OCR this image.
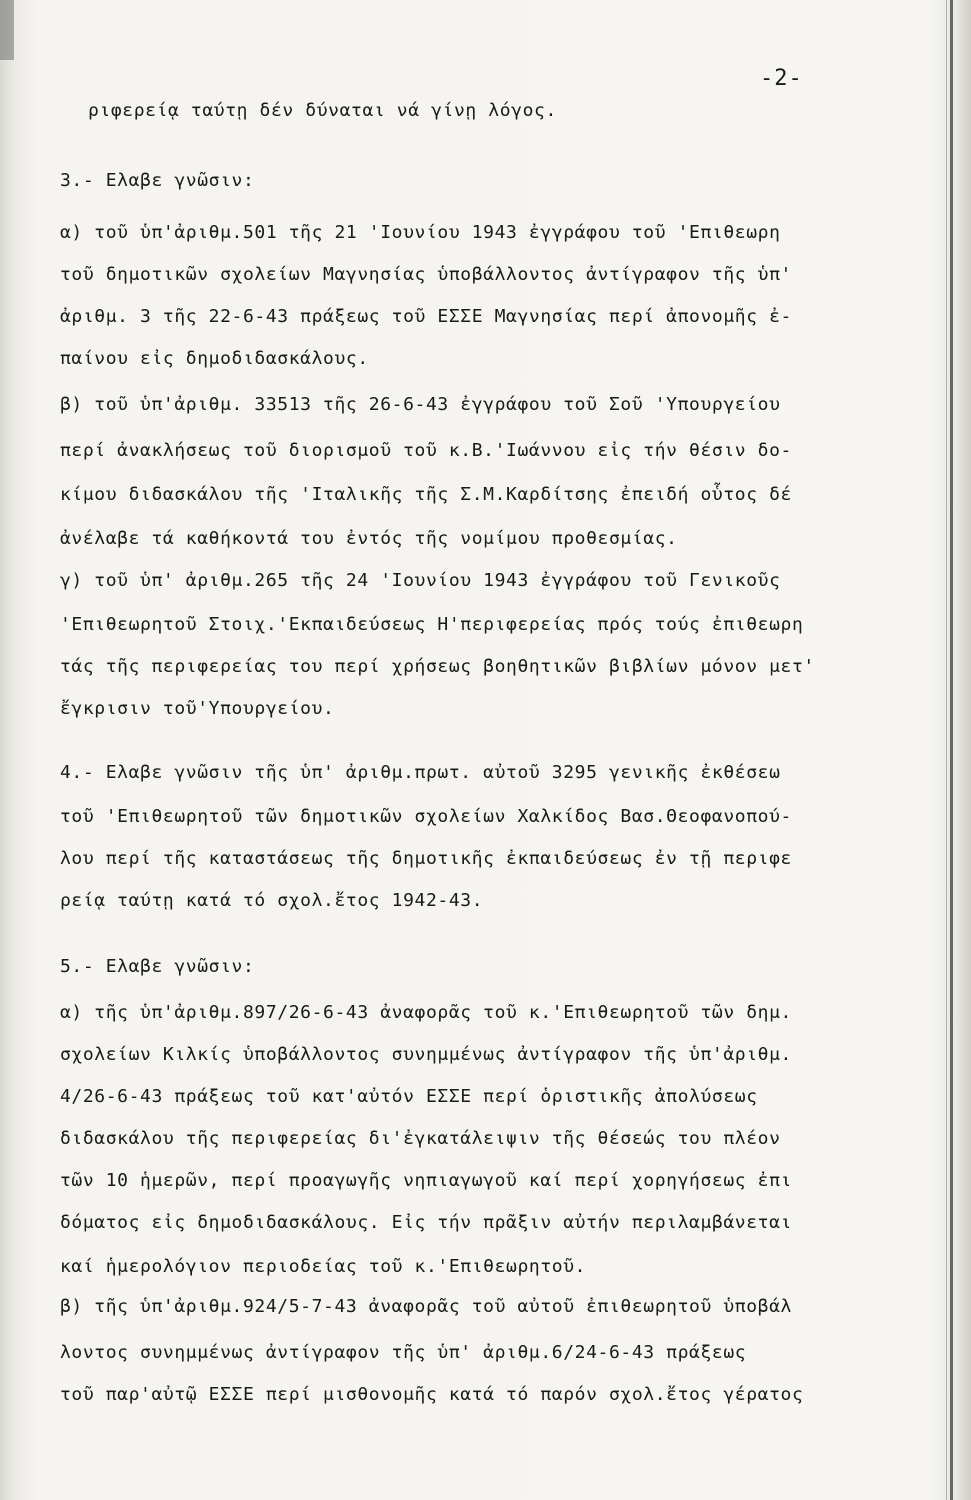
-2-
ριφερείᾳ ταύτῃ δέν δύναται νά γίνῃ λόγος.
3.- Ελαβε γνῶσιν:
α) τοῦ ὑπ'ἀριθμ.501 τῆς 21 'Ιουνίου 1943 ἐγγράφου τοῦ 'Επιθεωρη
τοῦ δημοτικῶν σχολείων Μαγνησίας ὑποβάλλοντος ἀντίγραφον τῆς ὑπ'
ἀριθμ. 3 τῆς 22-6-43 πράξεως τοῦ ΕΣΣΕ Μαγνησίας περί ἀπονομῆς ἐ-
παίνου εἰς δημοδιδασκάλους.
β) τοῦ ὑπ'ἀριθμ. 33513 τῆς 26-6-43 ἐγγράφου τοῦ Σοῦ 'Υπουργείου
περί ἀνακλήσεως τοῦ διορισμοῦ τοῦ κ.Β.'Ιωάννου εἰς τήν θέσιν δο-
κίμου διδασκάλου τῆς 'Ιταλικῆς τῆς Σ.Μ.Καρδίτσης ἐπειδή οὗτος δέ
ἀνέλαβε τά καθήκοντά του ἐντός τῆς νομίμου προθεσμίας.
γ) τοῦ ὑπ' ἀριθμ.265 τῆς 24 'Ιουνίου 1943 ἐγγράφου τοῦ Γενικοῦς
'Επιθεωρητοῦ Στοιχ.'Εκπαιδεύσεως Η'περιφερείας πρός τούς ἐπιθεωρη
τάς τῆς περιφερείας του περί χρήσεως βοηθητικῶν βιβλίων μόνον μετ'
ἔγκρισιν τοῦ'Υπουργείου.
4.- Ελαβε γνῶσιν τῆς ὑπ' ἀριθμ.πρωτ. αὐτοῦ 3295 γενικῆς ἐκθέσεω
τοῦ 'Επιθεωρητοῦ τῶν δημοτικῶν σχολείων Χαλκίδος Βασ.Θεοφανοπού-
λου περί τῆς καταστάσεως τῆς δημοτικῆς ἐκπαιδεύσεως ἐν τῇ περιφε
ρείᾳ ταύτῃ κατά τό σχολ.ἔτος 1942-43.
5.- Ελαβε γνῶσιν:
α) τῆς ὑπ'ἀριθμ.897/26-6-43 ἀναφορᾶς τοῦ κ.'Επιθεωρητοῦ τῶν δημ.
σχολείων Κιλκίς ὑποβάλλοντος συνημμένως ἀντίγραφον τῆς ὑπ'ἀριθμ.
4/26-6-43 πράξεως τοῦ κατ'αὐτόν ΕΣΣΕ περί ὁριστικῆς ἀπολύσεως
διδασκάλου τῆς περιφερείας δι'ἐγκατάλειψιν τῆς θέσεώς του πλέον
τῶν 10 ἡμερῶν, περί προαγωγῆς νηπιαγωγοῦ καί περί χορηγήσεως ἐπι
δόματος εἰς δημοδιδασκάλους. Εἰς τήν πρᾶξιν αὐτήν περιλαμβάνεται
καί ἡμερολόγιον περιοδείας τοῦ κ.'Επιθεωρητοῦ.
β) τῆς ὑπ'ἀριθμ.924/5-7-43 ἀναφορᾶς τοῦ αὐτοῦ ἐπιθεωρητοῦ ὑποβάλ
λοντος συνημμένως ἀντίγραφον τῆς ὑπ' ἀριθμ.6/24-6-43 πράξεως
τοῦ παρ'αὐτῷ ΕΣΣΕ περί μισθονομῆς κατά τό παρόν σχολ.ἔτος γέρατος
